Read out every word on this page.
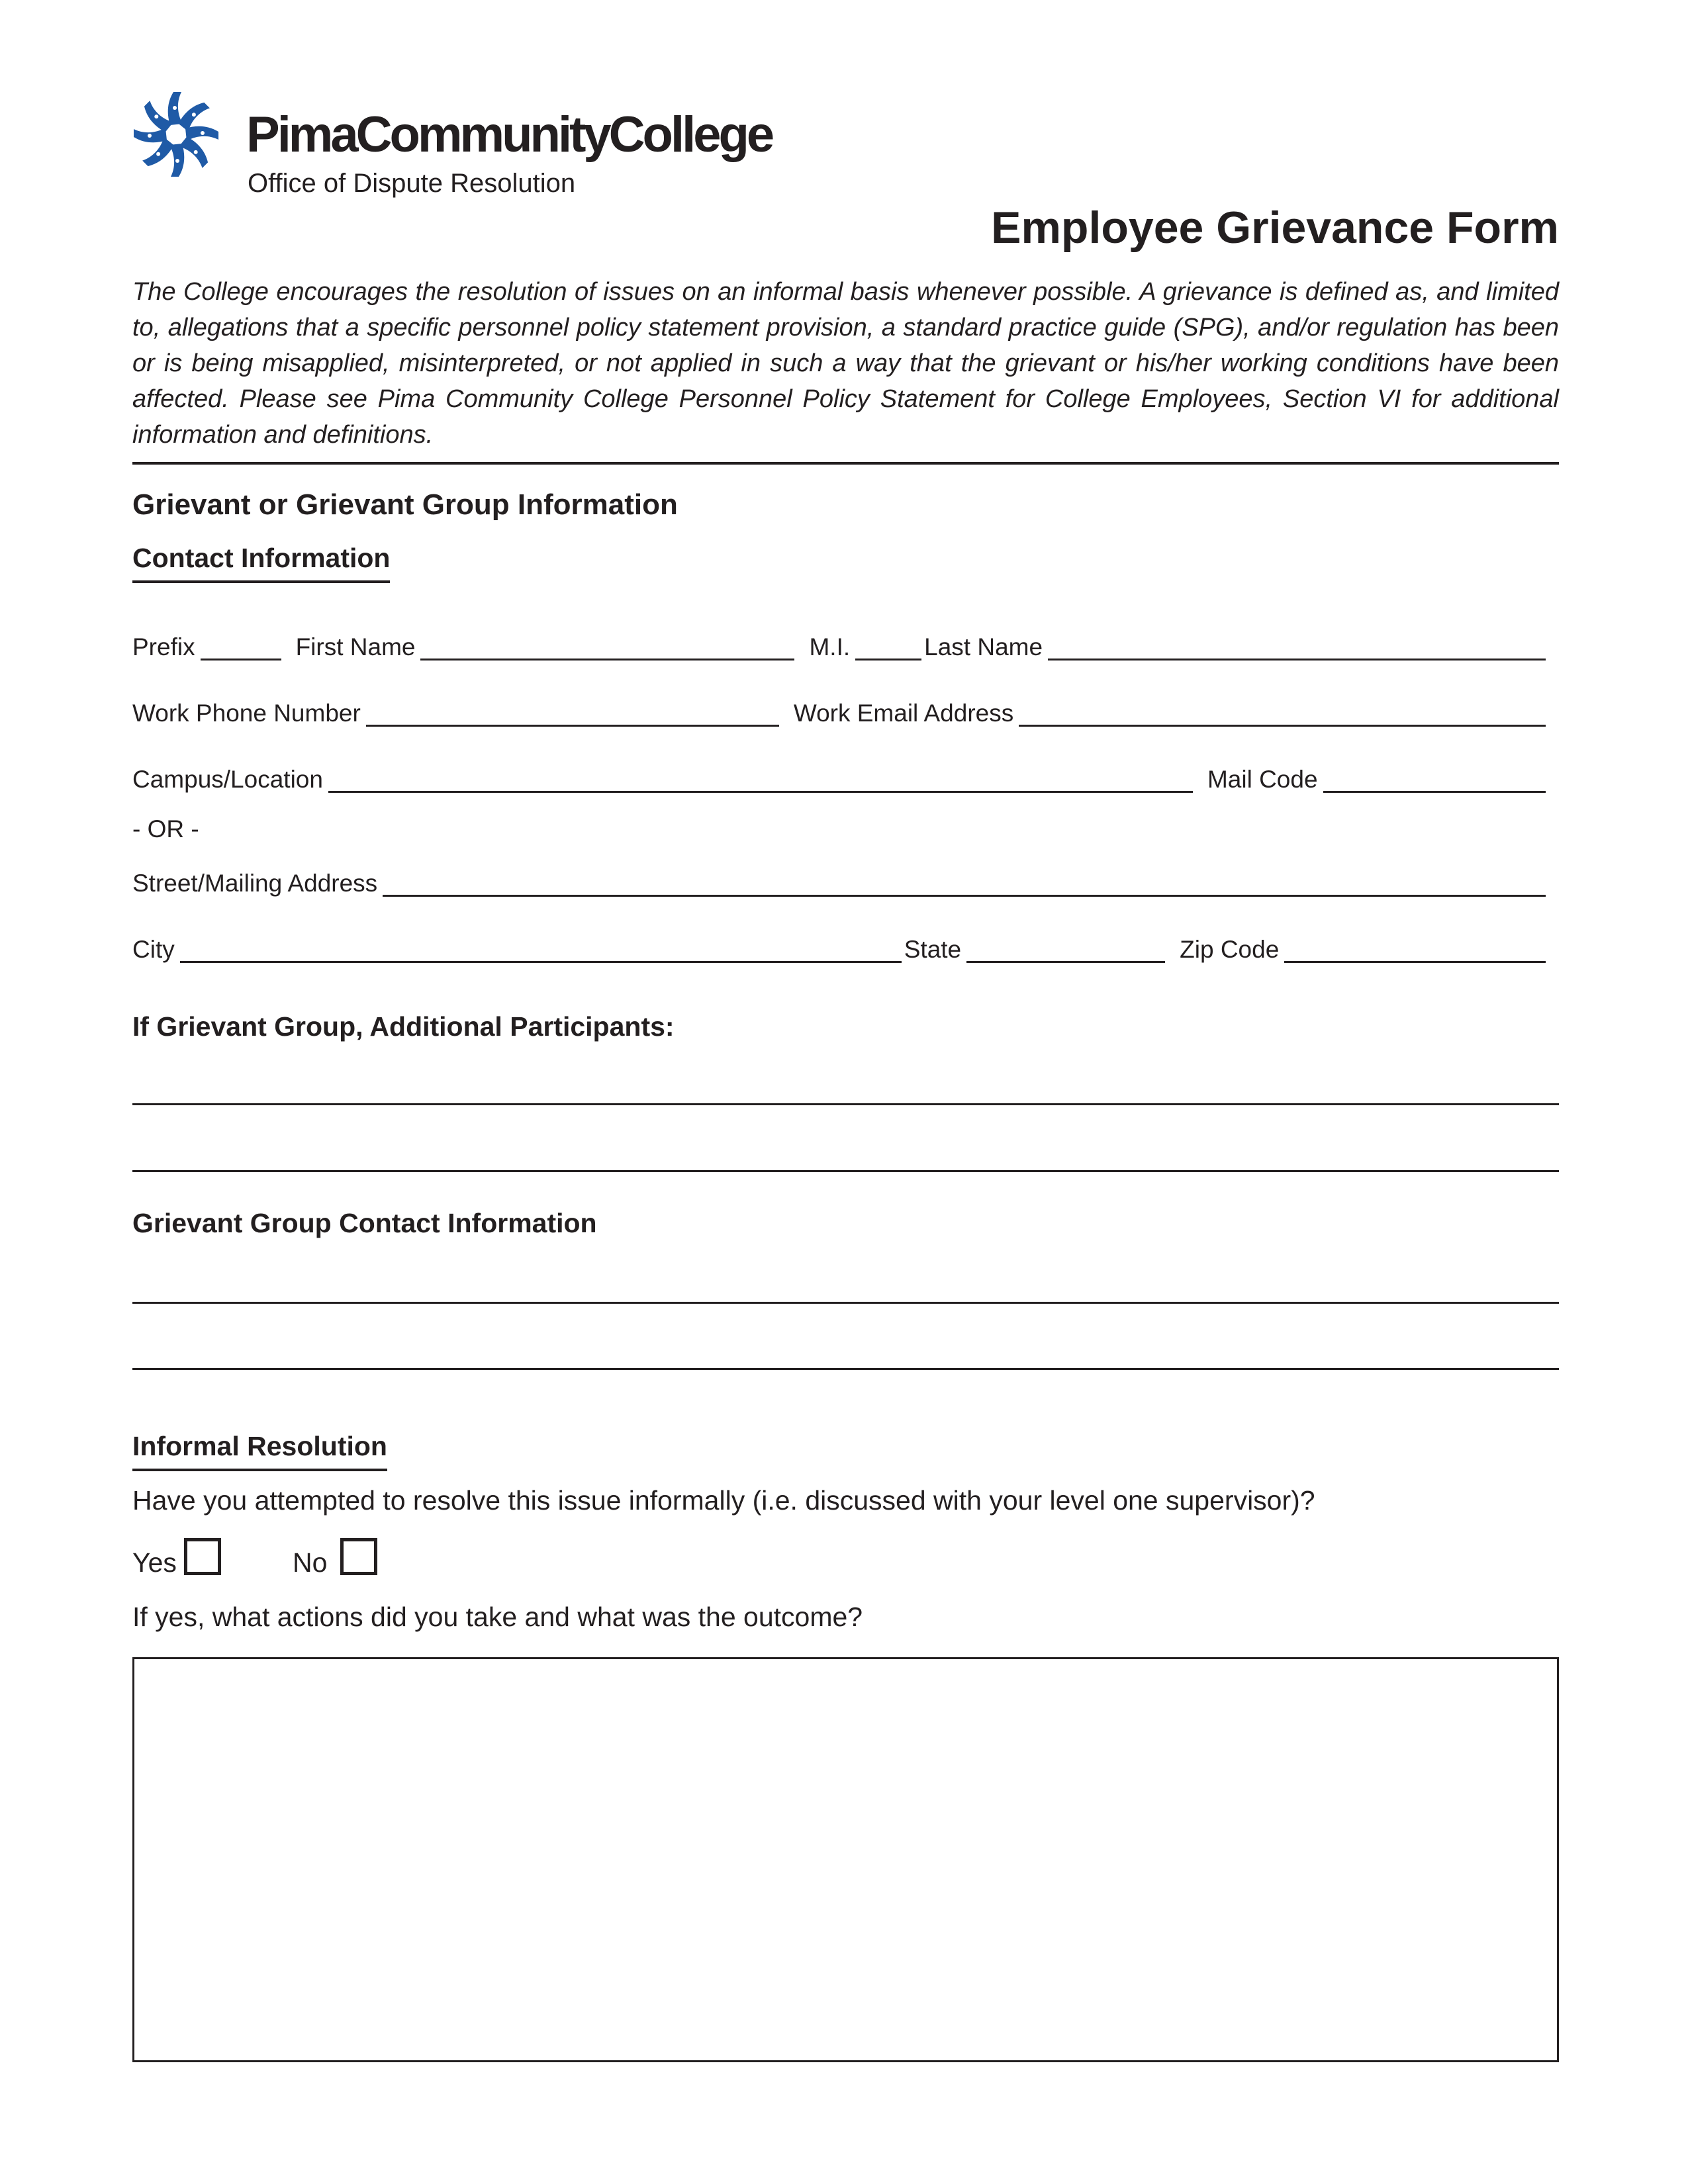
PimaCommunityCollege
Office of Dispute Resolution
Employee Grievance Form
The College encourages the resolution of issues on an informal basis whenever possible. A grievance is defined as, and limited to, allegations that a specific personnel policy statement provision, a standard practice guide (SPG), and/or regulation has been or is being misapplied, misinterpreted, or not applied in such a way that the grievant or his/her working conditions have been affected. Please see Pima Community College Personnel Policy Statement for College Employees, Section VI for additional information and definitions.
Grievant or Grievant Group Information
Contact Information
Prefix	First Name	M.I.	Last Name
Work Phone Number	Work Email Address
Campus/Location	Mail Code
- OR -
Street/Mailing Address
City	State	Zip Code
If Grievant Group, Additional Participants:
Grievant Group Contact Information
Informal Resolution
Have you attempted to resolve this issue informally (i.e. discussed with your level one supervisor)?
Yes	No
If yes, what actions did you take and what was the outcome?
